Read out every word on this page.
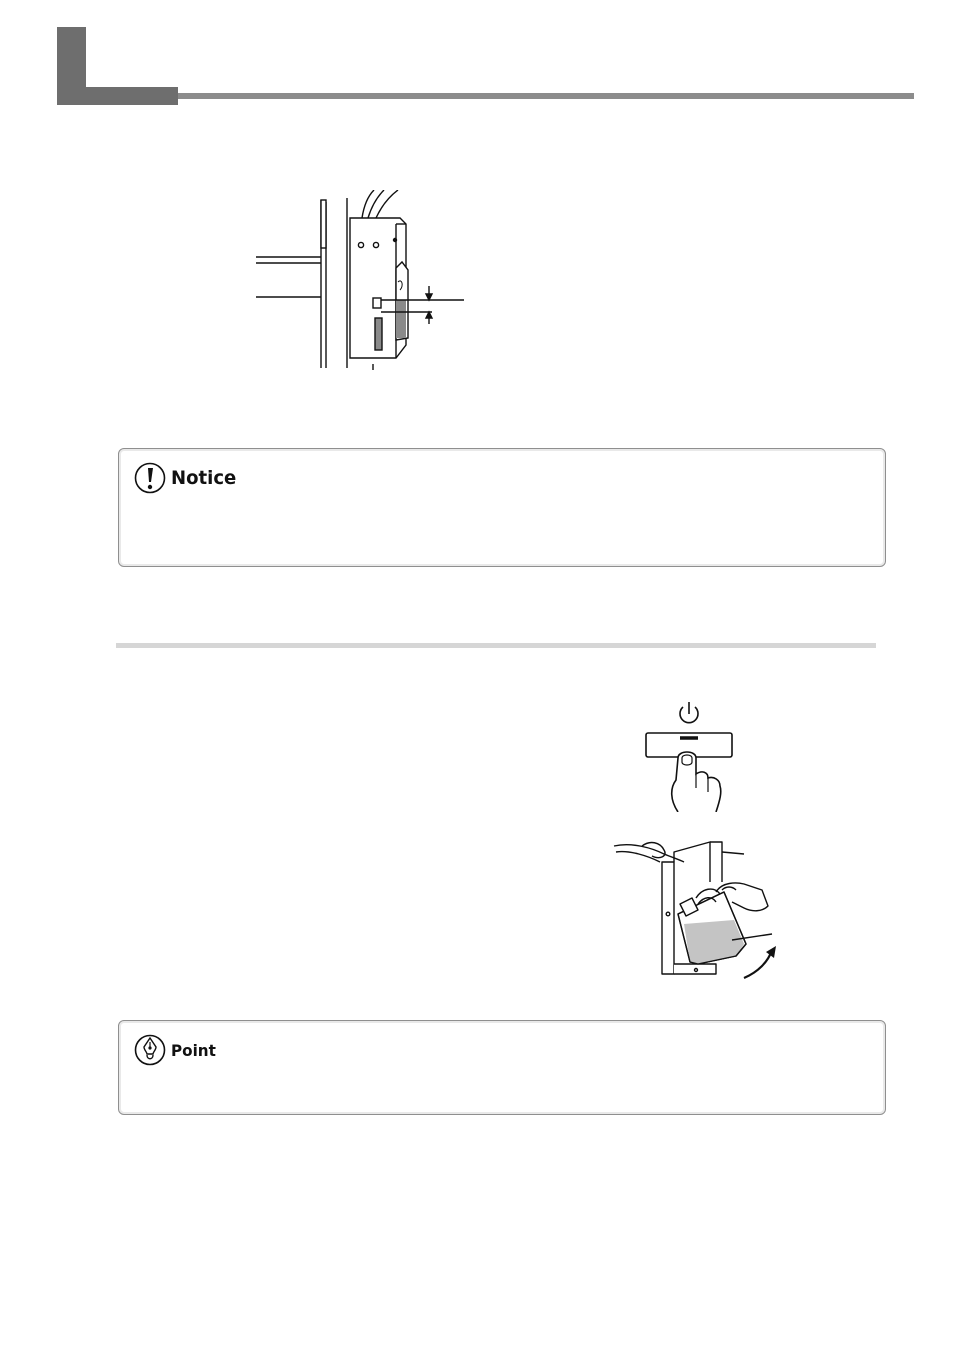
Notice
Point
